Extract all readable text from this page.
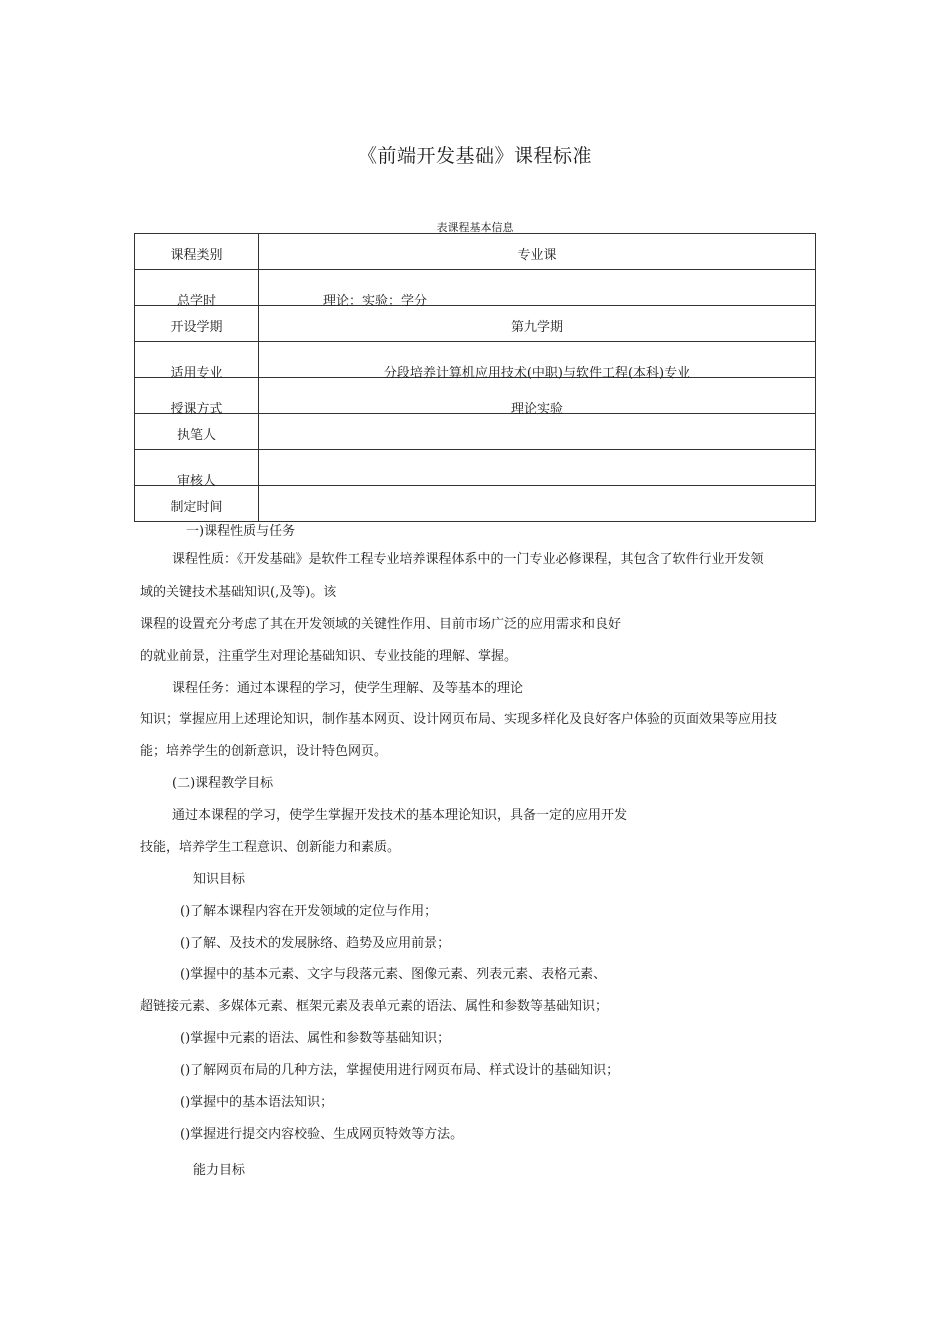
《前端开发基础》课程标准
表课程基本信息
课程类别	专业课

总学时	理论：实验：学分

开设学期	第九学期

适用专业	分段培养计算机应用技术(中职)与软件工程(本科)专业

授课方式	理论实验

执笔人	

审核人	

制定时间	

一)课程性质与任务
课程性质：《开发基础》是软件工程专业培养课程体系中的一门专业必修课程，其包含了软件行业开发领
域的关键技术基础知识(,及等)。该
课程的设置充分考虑了其在开发领域的关键性作用、目前市场广泛的应用需求和良好
的就业前景，注重学生对理论基础知识、专业技能的理解、掌握。
课程任务：通过本课程的学习，使学生理解、及等基本的理论
知识；掌握应用上述理论知识，制作基本网页、设计网页布局、实现多样化及良好客户体验的页面效果等应用技
能；培养学生的创新意识，设计特色网页。
(二)课程教学目标
通过本课程的学习，使学生掌握开发技术的基本理论知识，具备一定的应用开发
技能，培养学生工程意识、创新能力和素质。
知识目标
()了解本课程内容在开发领域的定位与作用；
()了解、及技术的发展脉络、趋势及应用前景；
()掌握中的基本元素、文字与段落元素、图像元素、列表元素、表格元素、
超链接元素、多媒体元素、框架元素及表单元素的语法、属性和参数等基础知识；
()掌握中元素的语法、属性和参数等基础知识；
()了解网页布局的几种方法，掌握使用进行网页布局、样式设计的基础知识；
()掌握中的基本语法知识；
()掌握进行提交内容校验、生成网页特效等方法。
能力目标
